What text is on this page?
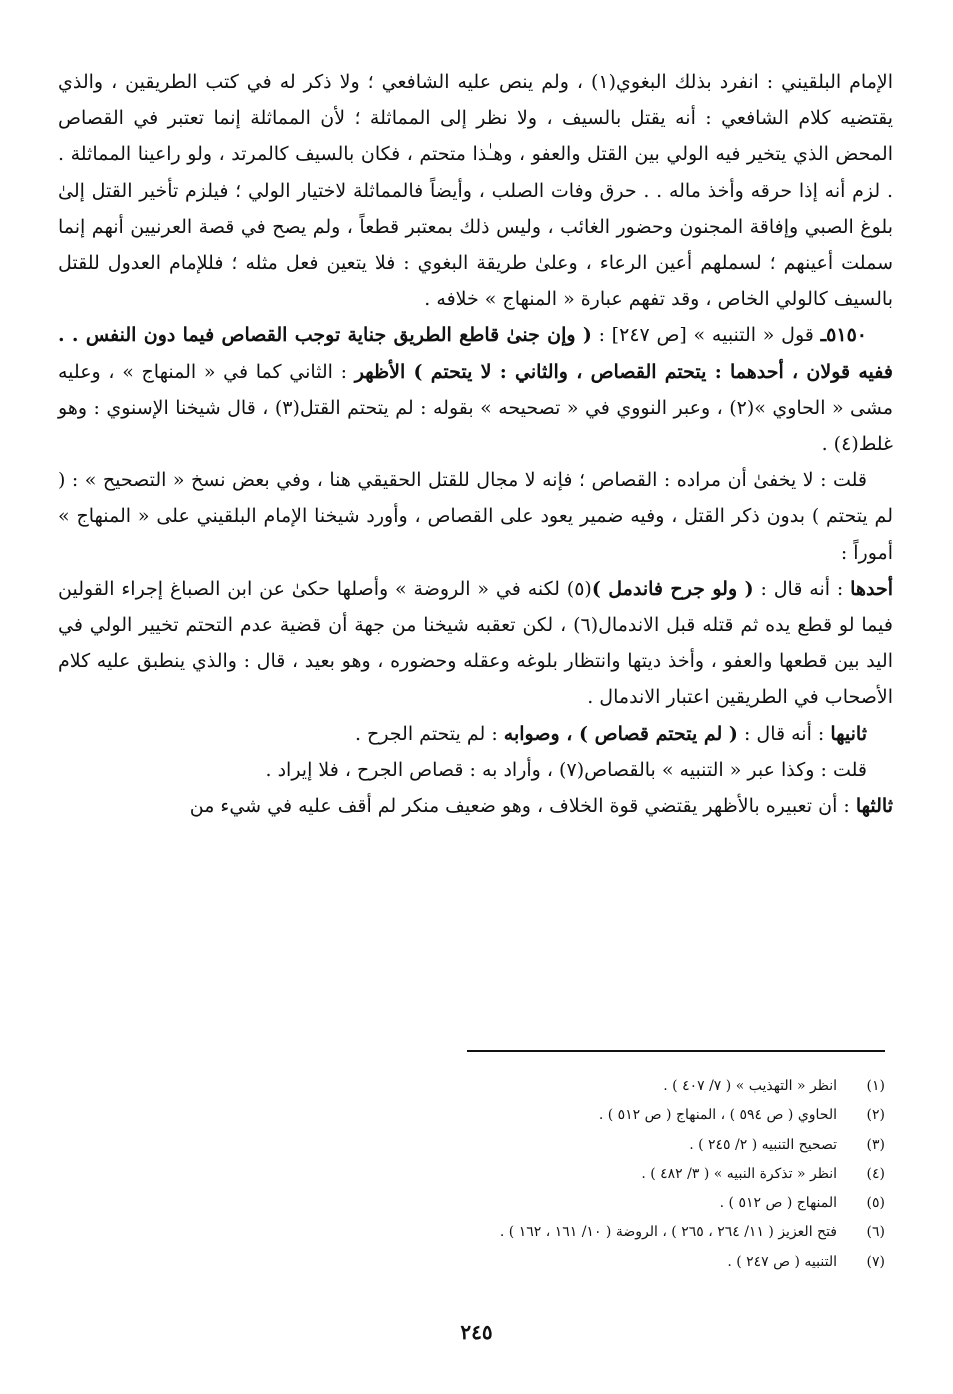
الإمام البلقيني : انفرد بذلك البغوي(١) ، ولم ينص عليه الشافعي ؛ ولا ذكر له في كتب الطريقين ، والذي يقتضيه كلام الشافعي : أنه يقتل بالسيف ، ولا نظر إلى المماثلة ؛ لأن المماثلة إنما تعتبر في القصاص المحض الذي يتخير فيه الولي بين القتل والعفو ، وهـٰذا متحتم ، فكان بالسيف كالمرتد ، ولو راعينا المماثلة . . لزم أنه إذا حرقه وأخذ ماله . . حرق وفات الصلب ، وأيضاً فالمماثلة لاختيار الولي ؛ فيلزم تأخير القتل إلىٰ بلوغ الصبي وإفاقة المجنون وحضور الغائب ، وليس ذلك بمعتبر قطعاً ، ولم يصح في قصة العرنيين أنهم إنما سملت أعينهم ؛ لسملهم أعين الرعاء ، وعلىٰ طريقة البغوي : فلا يتعين فعل مثله ؛ فللإمام العدول للقتل بالسيف كالولي الخاص ، وقد تفهم عبارة « المنهاج » خلافه .

٥١٥٠ـ قول « التنبيه » [ص ٢٤٧] : ( وإن جنىٰ قاطع الطريق جناية توجب القصاص فيما دون النفس . . ففيه قولان ، أحدهما : يتحتم القصاص ، والثاني : لا يتحتم ) الأظهر : الثاني كما في « المنهاج » ، وعليه مشى « الحاوي »(٢) ، وعبر النووي في « تصحيحه » بقوله : لم يتحتم القتل(٣) ، قال شيخنا الإسنوي : وهو غلط(٤) .

قلت : لا يخفىٰ أن مراده : القصاص ؛ فإنه لا مجال للقتل الحقيقي هنا ، وفي بعض نسخ « التصحيح » : ( لم يتحتم ) بدون ذكر القتل ، وفيه ضمير يعود على القصاص ، وأورد شيخنا الإمام البلقيني على « المنهاج » أموراً :

أحدها : أنه قال : ( ولو جرح فاندمل )(٥) لكنه في « الروضة » وأصلها حكىٰ عن ابن الصباغ إجراء القولين فيما لو قطع يده ثم قتله قبل الاندمال(٦) ، لكن تعقبه شيخنا من جهة أن قضية عدم التحتم تخيير الولي في اليد بين قطعها والعفو ، وأخذ ديتها وانتظار بلوغه وعقله وحضوره ، وهو بعيد ، قال : والذي ينطبق عليه كلام الأصحاب في الطريقين اعتبار الاندمال .

ثانيها : أنه قال : ( لم يتحتم قصاص ) ، وصوابه : لم يتحتم الجرح .

قلت : وكذا عبر « التنبيه » بالقصاص(٧) ، وأراد به : قصاص الجرح ، فلا إيراد .

ثالثها : أن تعبيره بالأظهر يقتضي قوة الخلاف ، وهو ضعيف منكر لم أقف عليه في شيء من

(١)
انظر « التهذيب » ( ٧/ ٤٠٧ ) .
(٢)
الحاوي ( ص ٥٩٤ ) ، المنهاج ( ص ٥١٢ ) .
(٣)
تصحيح التنبيه ( ٢/ ٢٤٥ ) .
(٤)
انظر « تذكرة النبيه » ( ٣/ ٤٨٢ ) .
(٥)
المنهاج ( ص ٥١٢ ) .
(٦)
فتح العزيز ( ١١/ ٢٦٤ ، ٢٦٥ ) ، الروضة ( ١٠/ ١٦١ ، ١٦٢ ) .
(٧)
التنبيه ( ص ٢٤٧ ) .
٢٤٥
